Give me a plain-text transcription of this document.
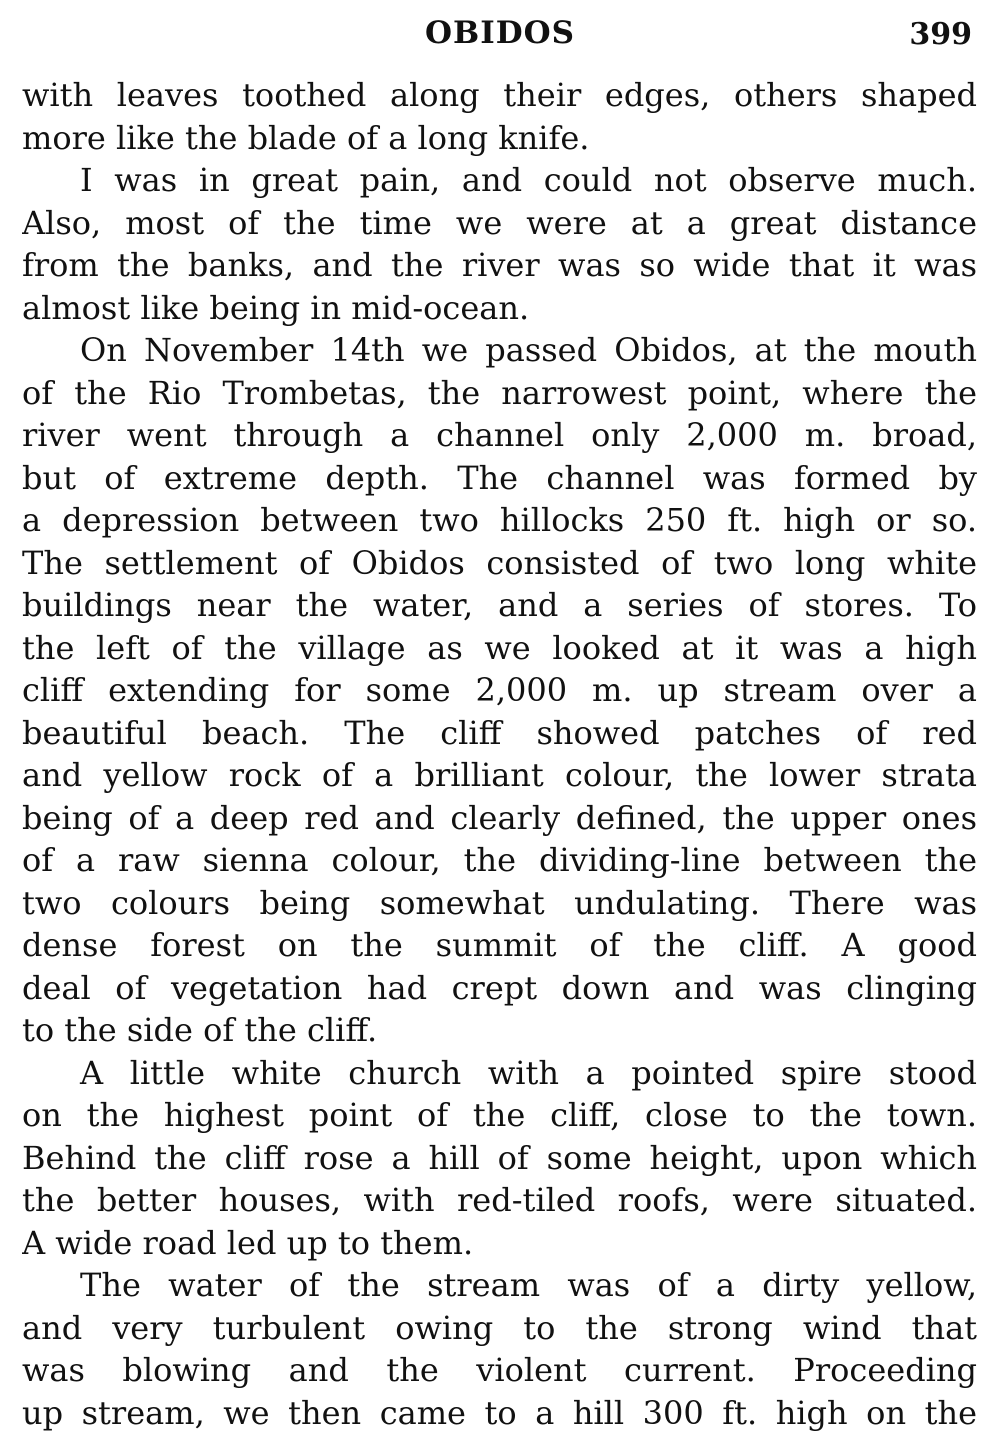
OBIDOS	399
with leaves toothed along their edges, others shaped
more like the blade of a long knife.
I was in great pain, and could not observe much.
Also, most of the time we were at a great distance
from the banks, and the river was so wide that it was
almost like being in mid-ocean.
On November 14th we passed Obidos, at the mouth
of the Rio Trombetas, the narrowest point, where the
river went through a channel only 2,000 m. broad,
but of extreme depth. The channel was formed by
a depression between two hillocks 250 ft. high or so.
The settlement of Obidos consisted of two long white
buildings near the water, and a series of stores. To
the left of the village as we looked at it was a high
cliff extending for some 2,000 m. up stream over a
beautiful beach. The cliff showed patches of red
and yellow rock of a brilliant colour, the lower strata
being of a deep red and clearly defined, the upper ones
of a raw sienna colour, the dividing-line between the
two colours being somewhat undulating. There was
dense forest on the summit of the cliff. A good
deal of vegetation had crept down and was clinging
to the side of the cliff.
A little white church with a pointed spire stood
on the highest point of the cliff, close to the town.
Behind the cliff rose a hill of some height, upon which
the better houses, with red-tiled roofs, were situated.
A wide road led up to them.
The water of the stream was of a dirty yellow,
and very turbulent owing to the strong wind that
was blowing and the violent current. Proceeding
up stream, we then came to a hill 300 ft. high on the
